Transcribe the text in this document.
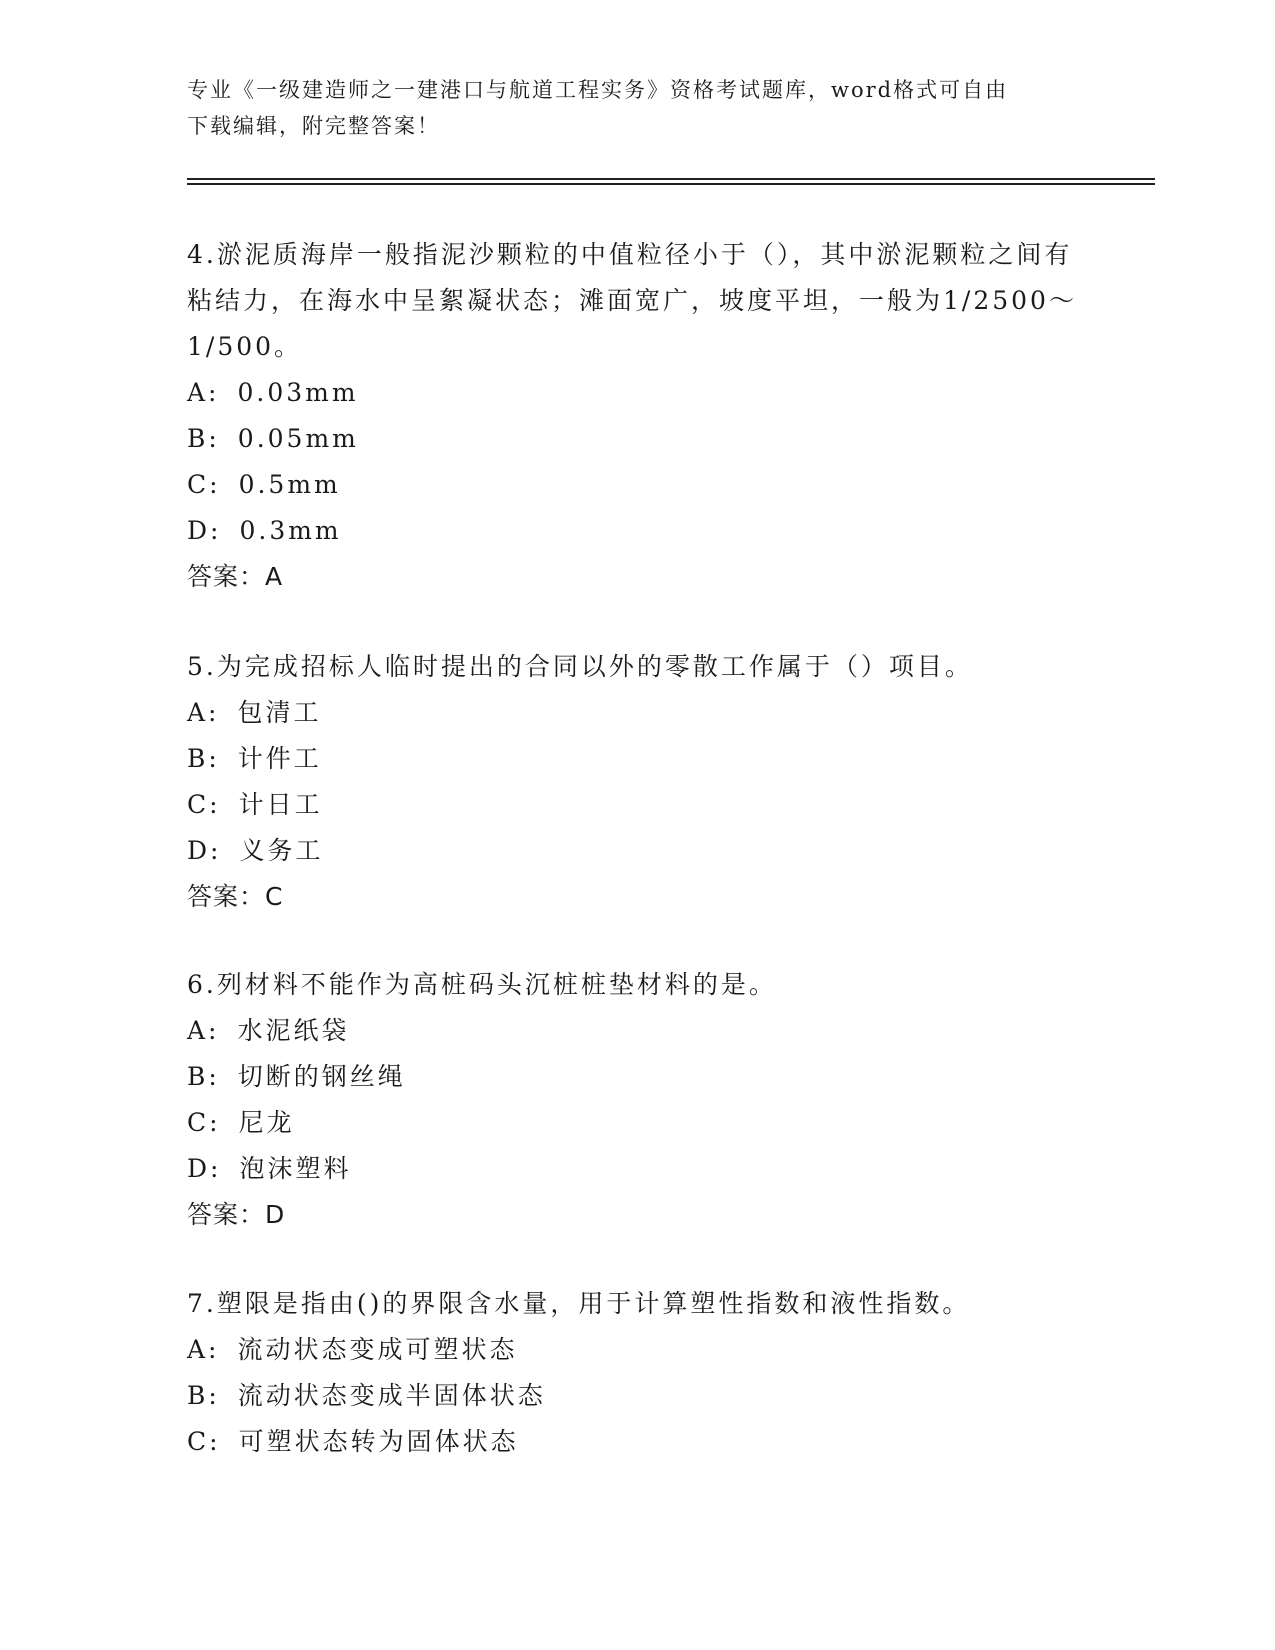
专业《一级建造师之一建港口与航道工程实务》资格考试题库，word格式可自由
下载编辑，附完整答案！
4.淤泥质海岸一般指泥沙颗粒的中值粒径小于（），其中淤泥颗粒之间有粘结力，在海水中呈絮凝状态；滩面宽广，坡度平坦，一般为1/2500～1/500。
A: 0.03mm
B: 0.05mm
C: 0.5mm
D: 0.3mm
答案：A
5.为完成招标人临时提出的合同以外的零散工作属于（）项目。
A: 包清工
B: 计件工
C: 计日工
D: 义务工
答案：C
6.列材料不能作为高桩码头沉桩桩垫材料的是。
A: 水泥纸袋
B: 切断的钢丝绳
C: 尼龙
D: 泡沫塑料
答案：D
7.塑限是指由()的界限含水量，用于计算塑性指数和液性指数。
A: 流动状态变成可塑状态
B: 流动状态变成半固体状态
C: 可塑状态转为固体状态
